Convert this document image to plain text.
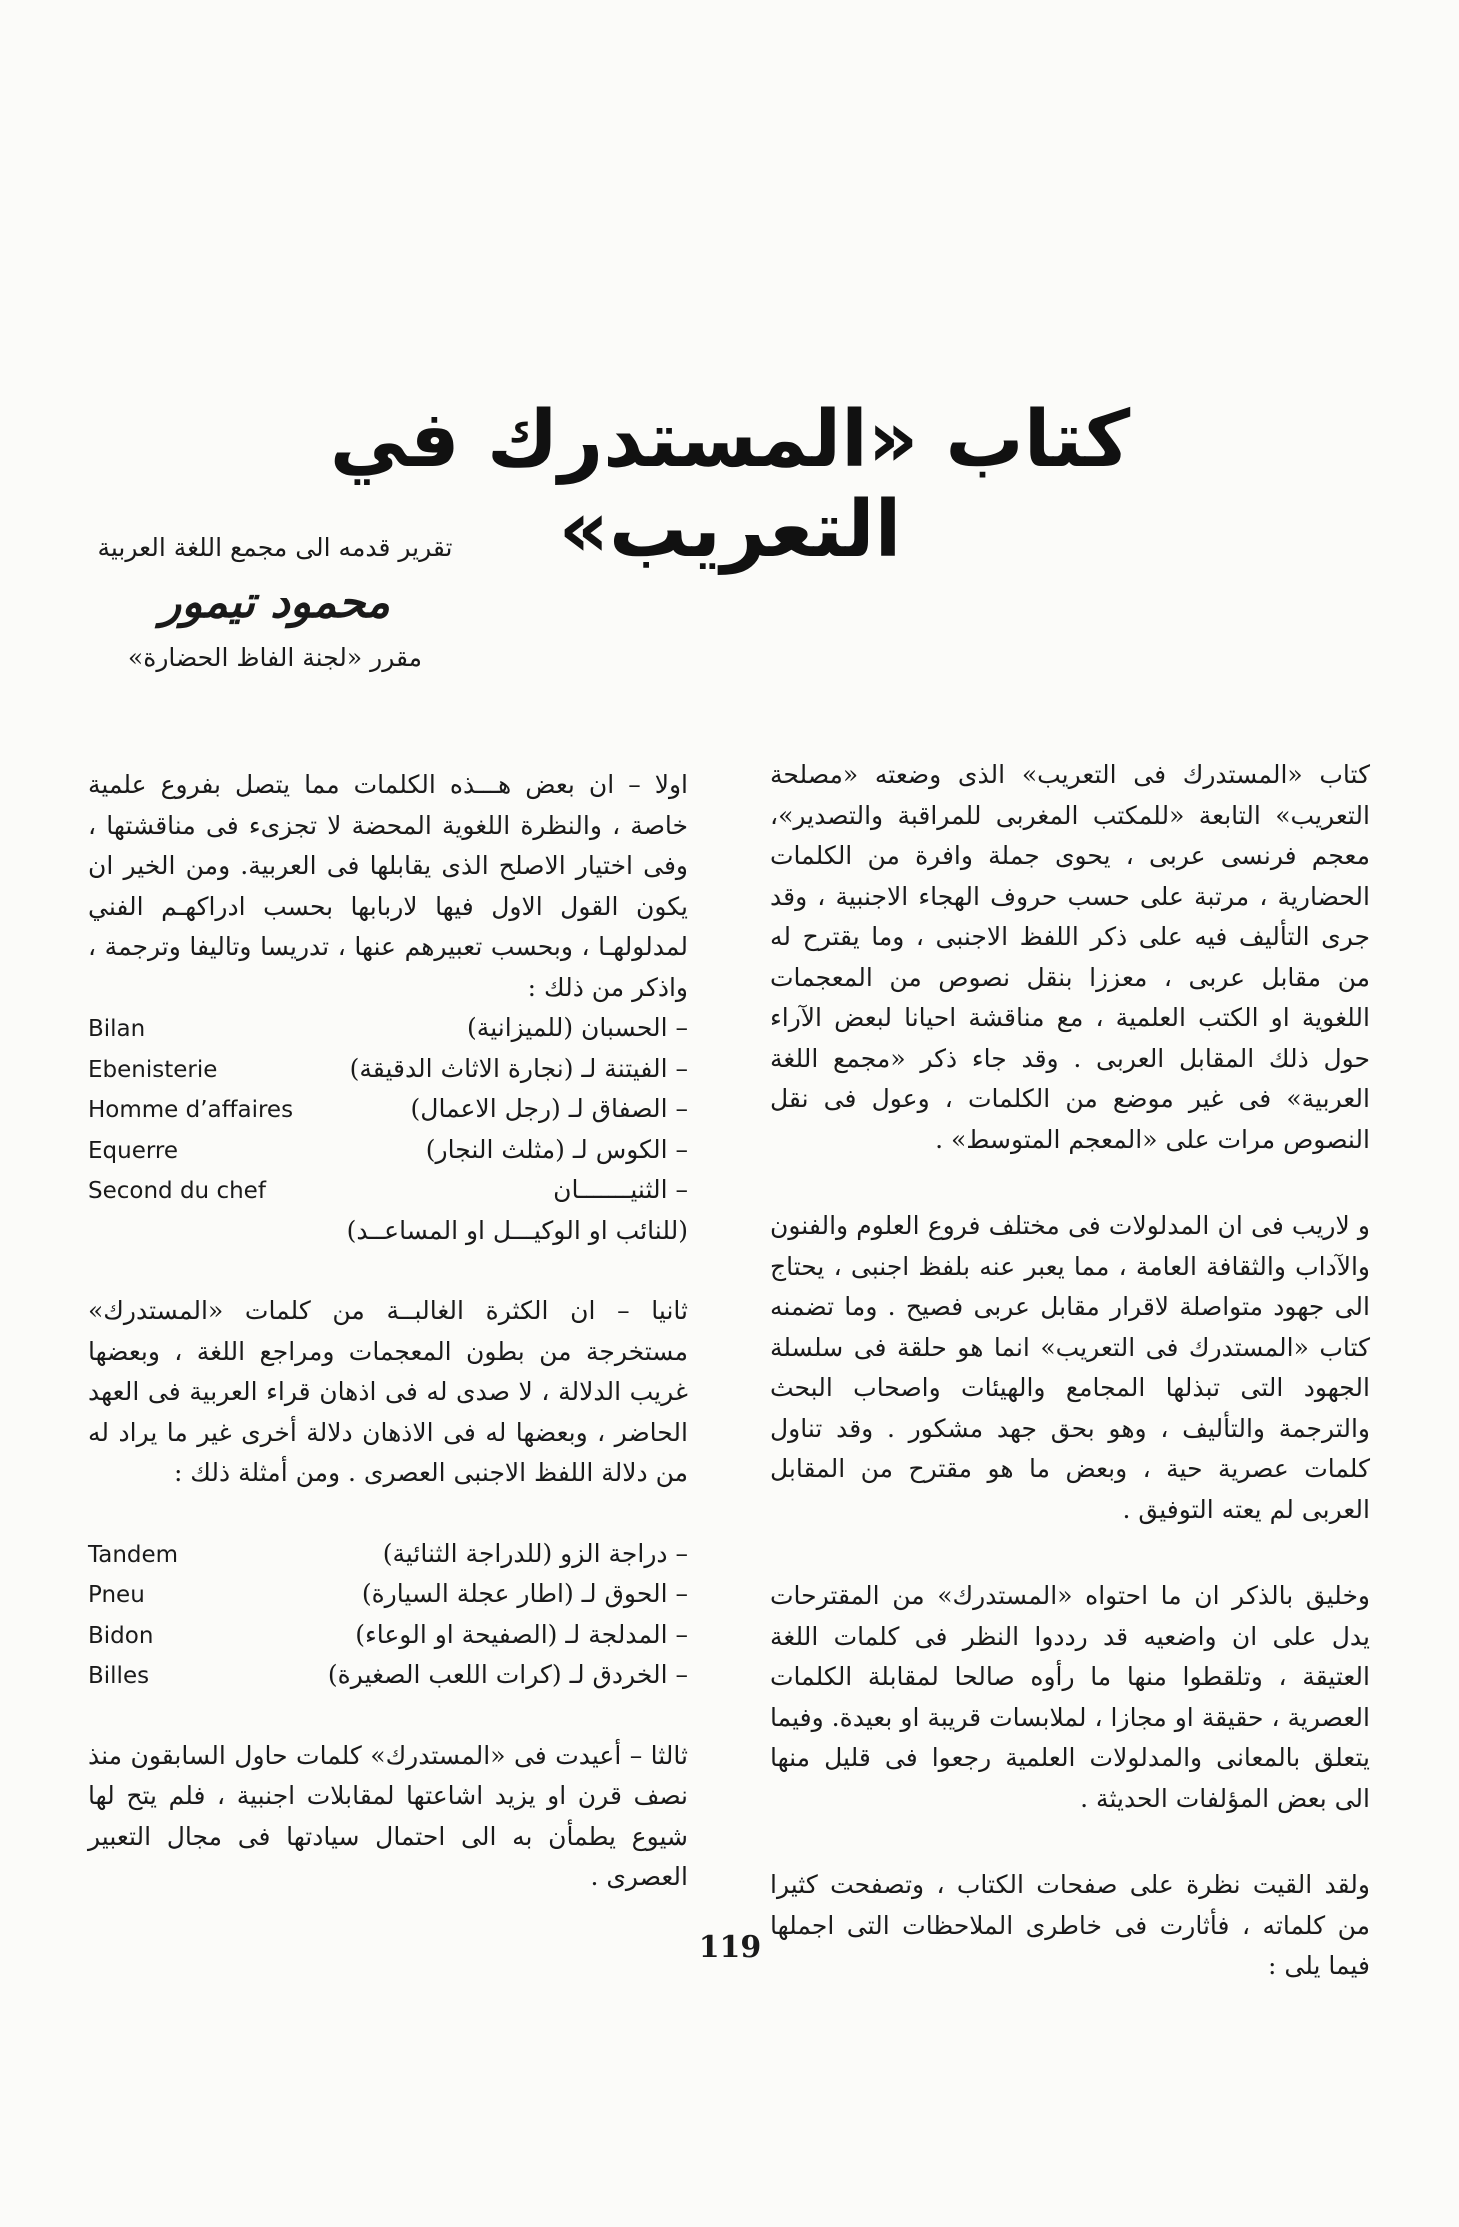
كتاب «المستدرك في التعريب»
تقرير قدمه الى مجمع اللغة العربية
محمود تيمور
مقرر «لجنة الفاظ الحضارة»

كتاب «المستدرك فى التعريب» الذى وضعته «مصلحة التعريب» التابعة «للمكتب المغربى للمراقبة والتصدير»، معجم فرنسى عربى ، يحوى جملة وافرة من الكلمات الحضارية ، مرتبة على حسب حروف الهجاء الاجنبية ، وقد جرى التأليف فيه على ذكر اللفظ الاجنبى ، وما يقترح له من مقابل عربى ، معززا بنقل نصوص من المعجمات اللغوية او الكتب العلمية ، مع مناقشة احيانا لبعض الآراء حول ذلك المقابل العربى . وقد جاء ذكر «مجمع اللغة العربية» فى غير موضع من الكلمات ، وعول فى نقل النصوص مرات على «المعجم المتوسط» .

و لاريب فى ان المدلولات فى مختلف فروع العلوم والفنون والآداب والثقافة العامة ، مما يعبر عنه بلفظ اجنبى ، يحتاج الى جهود متواصلة لاقرار مقابل عربى فصيح . وما تضمنه كتاب «المستدرك فى التعريب» انما هو حلقة فى سلسلة الجهود التى تبذلها المجامع والهيئات واصحاب البحث والترجمة والتأليف ، وهو بحق جهد مشكور . وقد تناول كلمات عصرية حية ، وبعض ما هو مقترح من المقابل العربى لم يعته التوفيق .

وخليق بالذكر ان ما احتواه «المستدرك» من المقترحات يدل على ان واضعيه قد رددوا النظر فى كلمات اللغة العتيقة ، وتلقطوا منها ما رأوه صالحا لمقابلة الكلمات العصرية ، حقيقة او مجازا ، لملابسات قريبة او بعيدة. وفيما يتعلق بالمعانى والمدلولات العلمية رجعوا فى قليل منها الى بعض المؤلفات الحديثة .

ولقد القيت نظرة على صفحات الكتاب ، وتصفحت كثيرا من كلماته ، فأثارت فى خاطرى الملاحظات التى اجملها فيما يلى :

اولا – ان بعض هـــذه الكلمات مما يتصل بفروع علمية خاصة ، والنظرة اللغوية المحضة لا تجزىء فى مناقشتها ، وفى اختيار الاصلح الذى يقابلها فى العربية. ومن الخير ان يكون القول الاول فيها لاربابها بحسب ادراكهـم الفني لمدلولهـا ، وبحسب تعبيرهم عنها ، تدريسا وتاليفا وترجمة ، واذكر من ذلك :

– الحسبان (للميزانية)
Bilan
– الفيتنة لـ (نجارة الاثاث الدقيقة)
Ebenisterie
– الصفاق لـ (رجل الاعمال)
Homme d’affaires
– الكوس لـ (مثلث النجار)
Equerre
– الثنيـــــــان
Second du chef

(للنائب او الوكيـــل او المساعــد)

ثانيا – ان الكثرة الغالبــة من كلمات «المستدرك» مستخرجة من بطون المعجمات ومراجع اللغة ، وبعضها غريب الدلالة ، لا صدى له فى اذهان قراء العربية فى العهد الحاضر ، وبعضها له فى الاذهان دلالة أخرى غير ما يراد له من دلالة اللفظ الاجنبى العصرى . ومن أمثلة ذلك :

– دراجة الزو (للدراجة الثنائية)
Tandem
– الحوق لـ (اطار عجلة السيارة)
Pneu
– المدلجة لـ (الصفيحة او الوعاء)
Bidon
– الخردق لـ (كرات اللعب الصغيرة)
Billes

ثالثا – أعيدت فى «المستدرك» كلمات حاول السابقون منذ نصف قرن او يزيد اشاعتها لمقابلات اجنبية ، فلم يتح لها شيوع يطمأن به الى احتمال سيادتها فى مجال التعبير العصرى .

119
